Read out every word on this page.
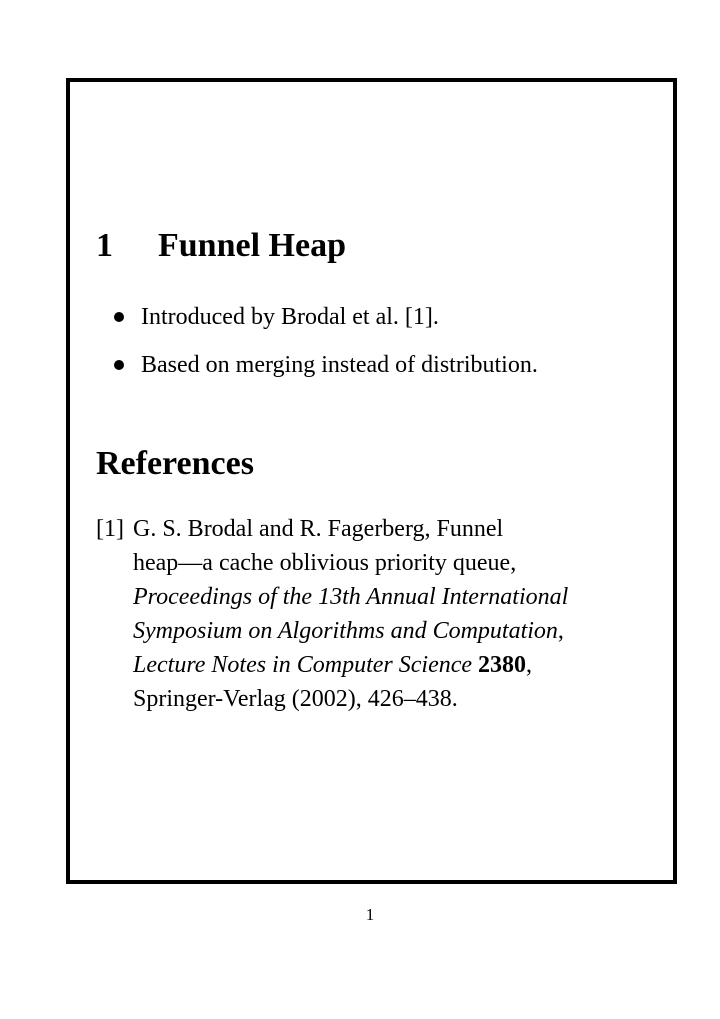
1 Funnel Heap
Introduced by Brodal et al. [1].
Based on merging instead of distribution.
References
[1] G. S. Brodal and R. Fagerberg, Funnel
heap—a cache oblivious priority queue,
Proceedings of the 13th Annual International
Symposium on Algorithms and Computation,
Lecture Notes in Computer Science 2380,
Springer-Verlag (2002), 426–438.
1
